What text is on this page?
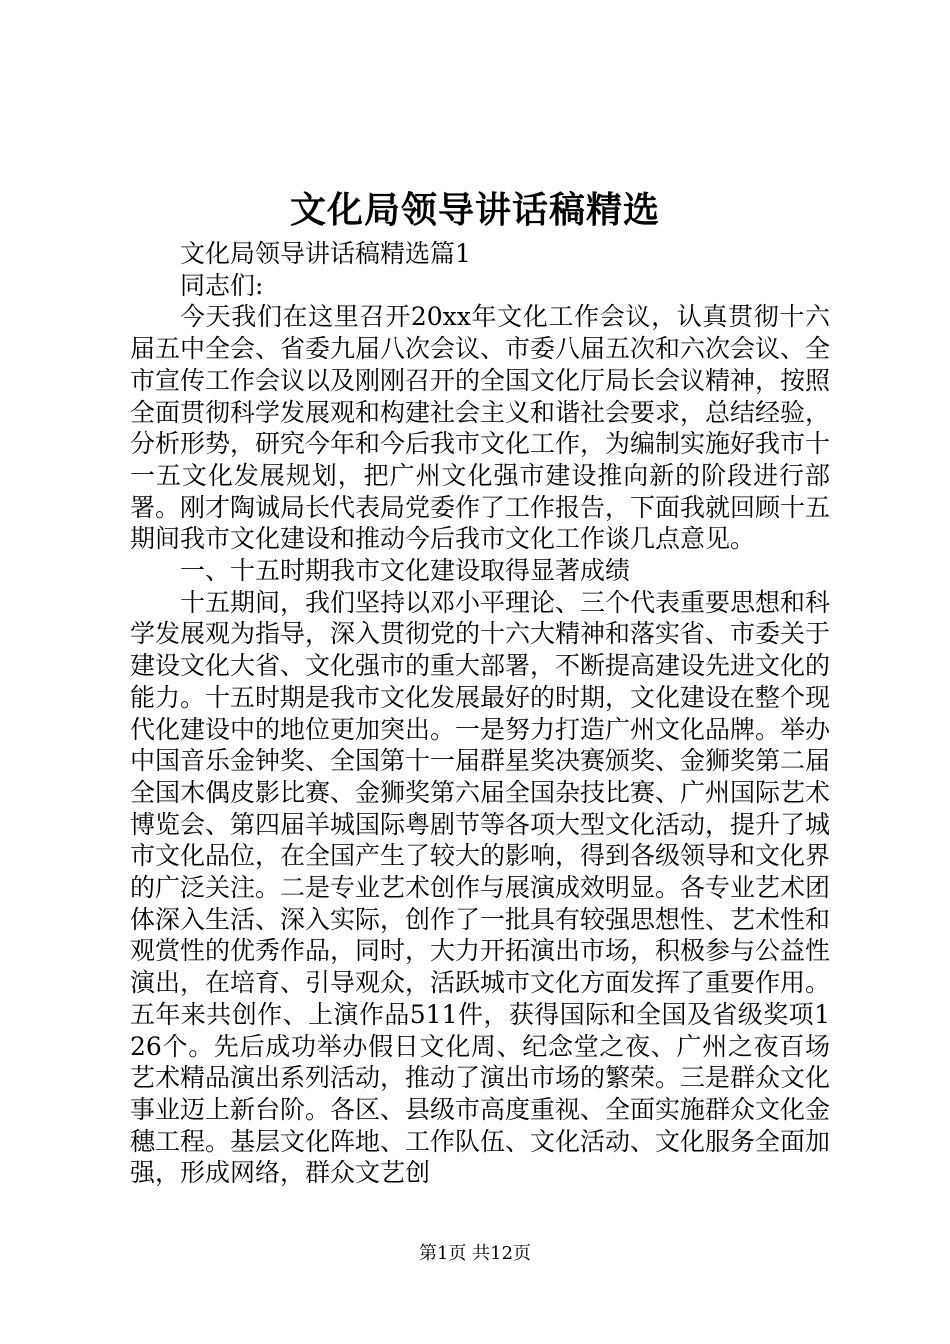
文化局领导讲话稿精选

文化局领导讲话稿精选篇1

同志们:

今天我们在这里召开20xx年文化工作会议，认真贯彻十六届五中全会、省委九届八次会议、市委八届五次和六次会议、全市宣传工作会议以及刚刚召开的全国文化厅局长会议精神，按照全面贯彻科学发展观和构建社会主义和谐社会要求，总结经验，分析形势，研究今年和今后我市文化工作，为编制实施好我市十一五文化发展规划，把广州文化强市建设推向新的阶段进行部署。刚才陶诚局长代表局党委作了工作报告，下面我就回顾十五期间我市文化建设和推动今后我市文化工作谈几点意见。

一、十五时期我市文化建设取得显著成绩

十五期间，我们坚持以邓小平理论、三个代表重要思想和科学发展观为指导，深入贯彻党的十六大精神和落实省、市委关于建设文化大省、文化强市的重大部署，不断提高建设先进文化的能力。十五时期是我市文化发展最好的时期，文化建设在整个现代化建设中的地位更加突出。一是努力打造广州文化品牌。举办中国音乐金钟奖、全国第十一届群星奖决赛颁奖、金狮奖第二届全国木偶皮影比赛、金狮奖第六届全国杂技比赛、广州国际艺术博览会、第四届羊城国际粤剧节等各项大型文化活动，提升了城市文化品位，在全国产生了较大的影响，得到各级领导和文化界的广泛关注。二是专业艺术创作与展演成效明显。各专业艺术团体深入生活、深入实际，创作了一批具有较强思想性、艺术性和观赏性的优秀作品，同时，大力开拓演出市场，积极参与公益性演出，在培育、引导观众，活跃城市文化方面发挥了重要作用。五年来共创作、上演作品511件，获得国际和全国及省级奖项126个。先后成功举办假日文化周、纪念堂之夜、广州之夜百场艺术精品演出系列活动，推动了演出市场的繁荣。三是群众文化事业迈上新台阶。各区、县级市高度重视、全面实施群众文化金穗工程。基层文化阵地、工作队伍、文化活动、文化服务全面加强，形成网络，群众文艺创

第1页 共12页
